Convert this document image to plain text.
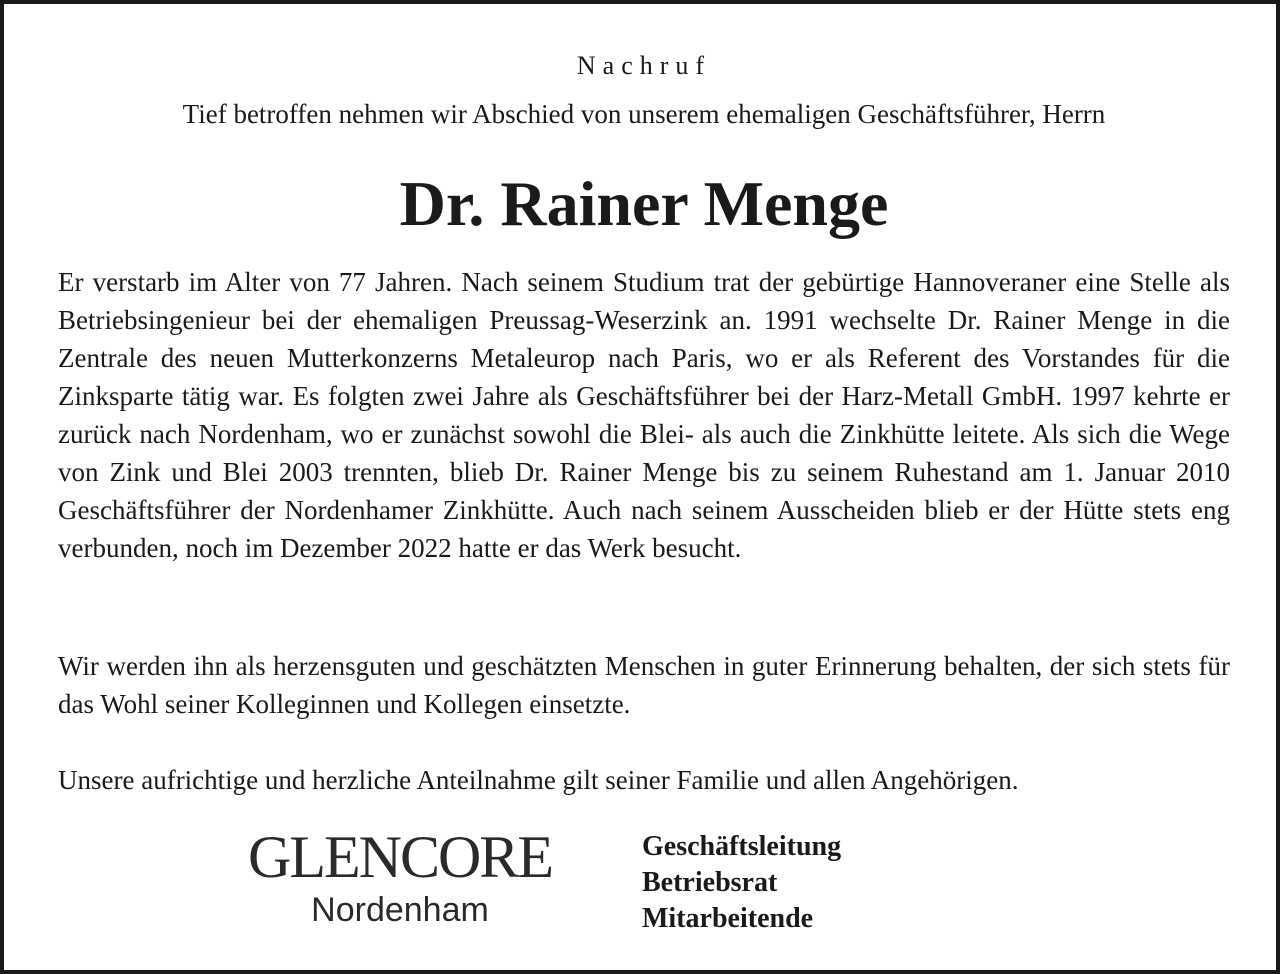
Nachruf
Tief betroffen nehmen wir Abschied von unserem ehemaligen Geschäftsführer, Herrn
Dr. Rainer Menge

Er verstarb im Alter von 77 Jahren. Nach seinem Studium trat der gebürtige Hannoveraner eine Stelle als Betriebsingenieur bei der ehemaligen Preussag-Weserzink an. 1991 wechselte Dr. Rainer Menge in die Zentrale des neuen Mutterkonzerns Metaleurop nach Paris, wo er als Referent des Vorstandes für die Zinksparte tätig war. Es folgten zwei Jahre als Geschäftsführer bei der Harz-Metall GmbH. 1997 kehrte er zurück nach Nordenham, wo er zunächst sowohl die Blei- als auch die Zinkhütte leitete. Als sich die Wege von Zink und Blei 2003 trennten, blieb Dr. Rainer Menge bis zu seinem Ruhestand am 1. Januar 2010 Geschäftsführer der Nordenhamer Zinkhütte. Auch nach seinem Ausscheiden blieb er der Hütte stets eng verbunden, noch im Dezember 2022 hatte er das Werk besucht.

Wir werden ihn als herzensguten und geschätzten Menschen in guter Erinnerung behalten, der sich stets für das Wohl seiner Kolleginnen und Kollegen einsetzte.

Unsere aufrichtige und herzliche Anteilnahme gilt seiner Familie und allen Angehörigen.

GLENCORE
Nordenham
Geschäftsleitung
Betriebsrat
Mitarbeitende
